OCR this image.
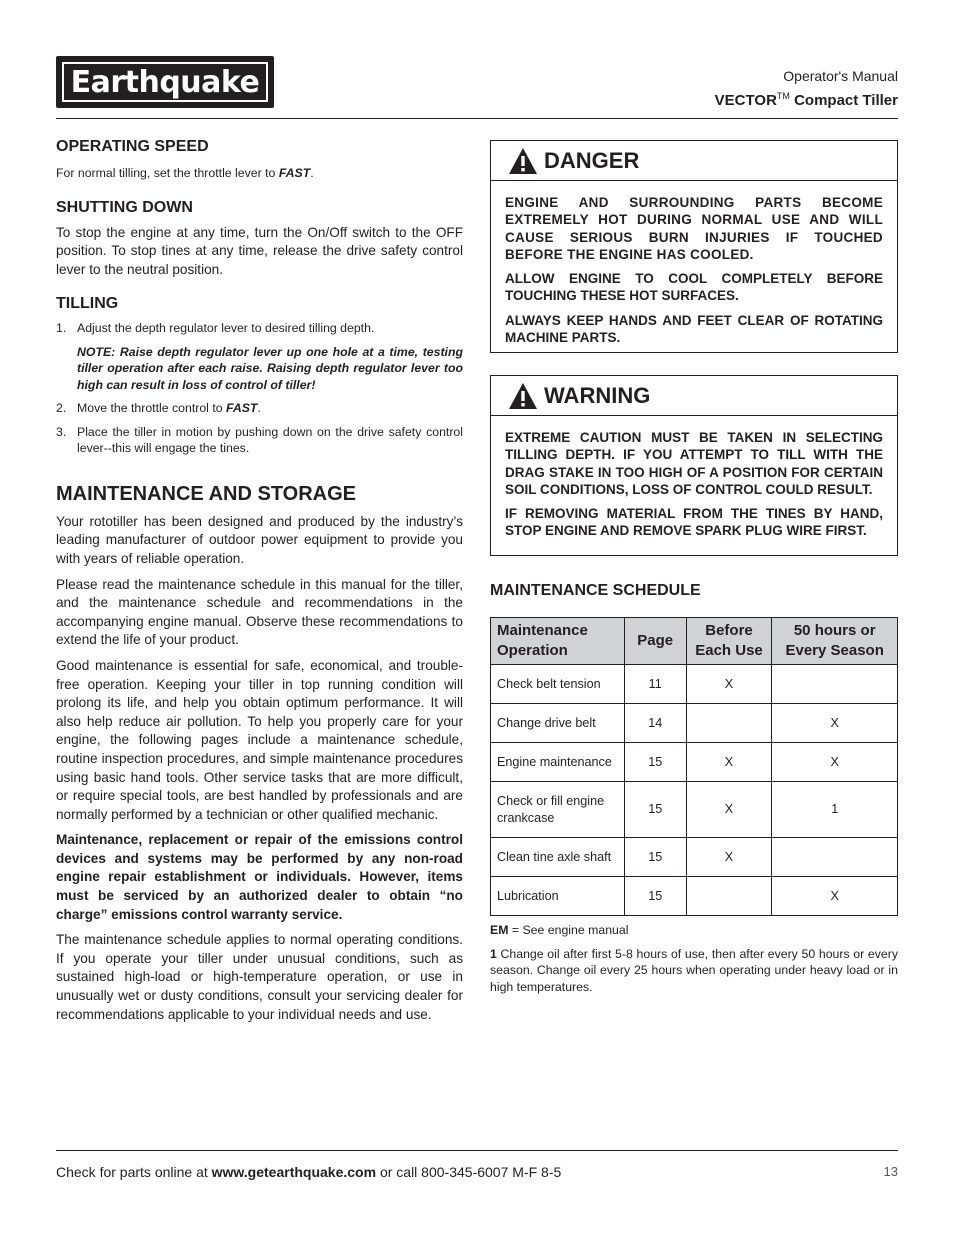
Earthquake	Operator's Manual
VECTOR™ Compact Tiller
OPERATING SPEED

For normal tilling, set the throttle lever to FAST.

SHUTTING DOWN

To stop the engine at any time, turn the On/Off switch to the OFF position. To stop tines at any time, release the drive safety control lever to the neutral position.

TILLING
1. Adjust the depth regulator lever to desired tilling depth.
NOTE: Raise depth regulator lever up one hole at a time, testing tiller operation after each raise. Raising depth regulator lever too high can result in loss of control of tiller!
2. Move the throttle control to FAST.
3. Place the tiller in motion by pushing down on the drive safety control lever--this will engage the tines.
MAINTENANCE AND STORAGE

Your rototiller has been designed and produced by the industry’s leading manufacturer of outdoor power equipment to provide you with years of reliable operation.

Please read the maintenance schedule in this manual for the tiller, and the maintenance schedule and recommendations in the accompanying engine manual. Observe these recommendations to extend the life of your product.

Good maintenance is essential for safe, economical, and trouble-free operation. Keeping your tiller in top running condition will prolong its life, and help you obtain optimum performance. It will also help reduce air pollution. To help you properly care for your engine, the following pages include a maintenance schedule, routine inspection procedures, and simple maintenance procedures using basic hand tools. Other service tasks that are more difficult, or require special tools, are best handled by professionals and are normally performed by a technician or other qualified mechanic.

Maintenance, replacement or repair of the emissions control devices and systems may be performed by any non-road engine repair establishment or individuals. However, items must be serviced by an authorized dealer to obtain “no charge” emissions control warranty service.

The maintenance schedule applies to normal operating conditions. If you operate your tiller under unusual conditions, such as sustained high-load or high-temperature operation, or use in unusually wet or dusty conditions, consult your servicing dealer for recommendations applicable to your individual needs and use.

DANGER

ENGINE AND SURROUNDING PARTS BECOME EXTREMELY HOT DURING NORMAL USE AND WILL CAUSE SERIOUS BURN INJURIES IF TOUCHED BEFORE THE ENGINE HAS COOLED.

ALLOW ENGINE TO COOL COMPLETELY BEFORE TOUCHING THESE HOT SURFACES.

ALWAYS KEEP HANDS AND FEET CLEAR OF ROTATING MACHINE PARTS.

WARNING

EXTREME CAUTION MUST BE TAKEN IN SELECTING TILLING DEPTH. IF YOU ATTEMPT TO TILL WITH THE DRAG STAKE IN TOO HIGH OF A POSITION FOR CERTAIN SOIL CONDITIONS, LOSS OF CONTROL COULD RESULT.

IF REMOVING MATERIAL FROM THE TINES BY HAND, STOP ENGINE AND REMOVE SPARK PLUG WIRE FIRST.

MAINTENANCE SCHEDULE
Maintenance Operation	Page	Before Each Use	50 hours or Every Season
Check belt tension	11	X	
Change drive belt	14		X
Engine maintenance	15	X	X
Check or fill engine crankcase	15	X	1
Clean tine axle shaft	15	X	
Lubrication	15		X

EM = See engine manual

1 Change oil after first 5-8 hours of use, then after every 50 hours or every season. Change oil every 25 hours when operating under heavy load or in high temperatures.

Check for parts online at www.getearthquake.com or call 800-345-6007 M-F 8-5	13
